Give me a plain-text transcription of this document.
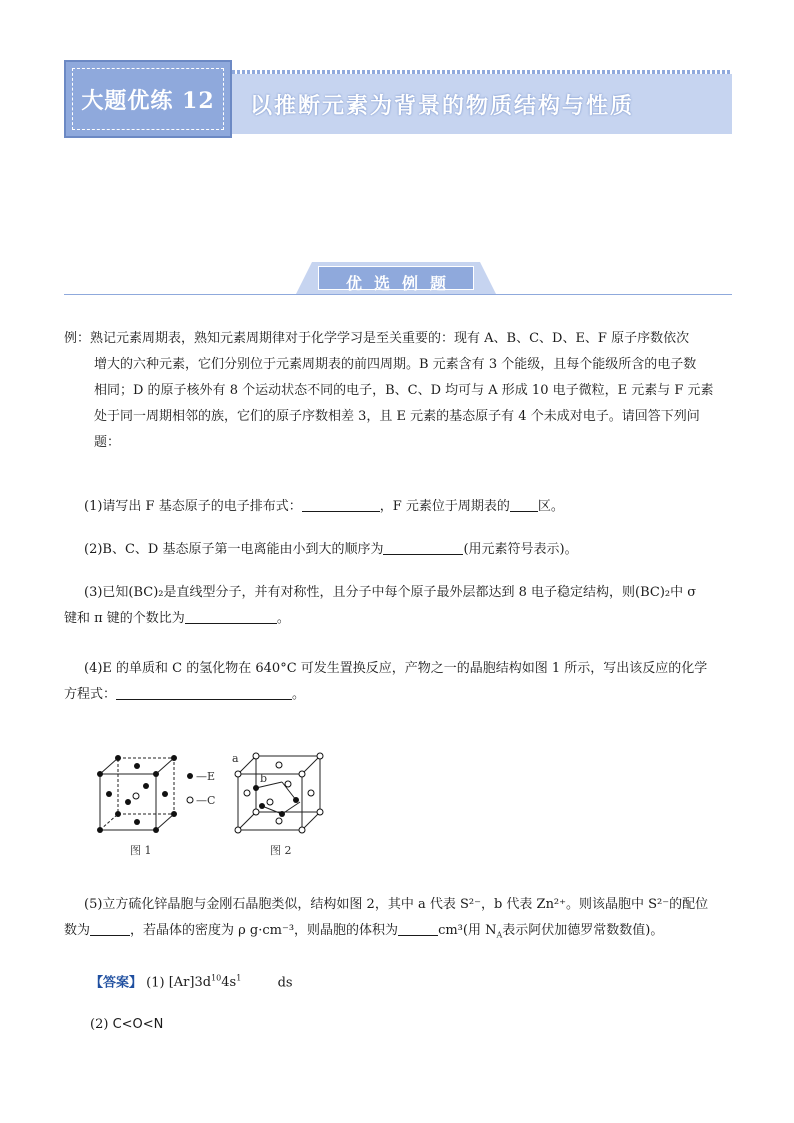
大题优练 12	以推断元素为背景的物质结构与性质
优选例题
例：熟记元素周期表，熟知元素周期律对于化学学习是至关重要的：现有 A、B、C、D、E、F 原子序数依次
增大的六种元素，它们分别位于元素周期表的前四周期。B 元素含有 3 个能级，且每个能级所含的电子数
相同；D 的原子核外有 8 个运动状态不同的电子，B、C、D 均可与 A 形成 10 电子微粒，E 元素与 F 元素
处于同一周期相邻的族，它们的原子序数相差 3，且 E 元素的基态原子有 4 个未成对电子。请回答下列问
题：
(1)请写出 F 基态原子的电子排布式：	，F 元素位于周期表的 区。
(2)B、C、D 基态原子第一电离能由小到大的顺序为	(用元素符号表示)。
(3)已知(BC)₂是直线型分子，并有对称性，且分子中每个原子最外层都达到 8 电子稳定结构，则(BC)₂中 σ
键和 π 键的个数比为	。
(4)E 的单质和 C 的氢化物在 640°C 可发生置换反应，产物之一的晶胞结构如图 1 所示，写出该反应的化学
方程式：	。
—E
—C
图 1
a
b
图 2
(5)立方硫化锌晶胞与金刚石晶胞类似，结构如图 2，其中 a 代表 S²⁻，b 代表 Zn²⁺。则该晶胞中 S²⁻的配位
数为	，若晶体的密度为 ρ g·cm⁻³，则晶胞的体积为	cm³(用 $N_A$表示阿伏加德罗常数数值)。
【答案】 (1) $[Ar]3d^{10}4s^1$	ds
(2) C<O<N
